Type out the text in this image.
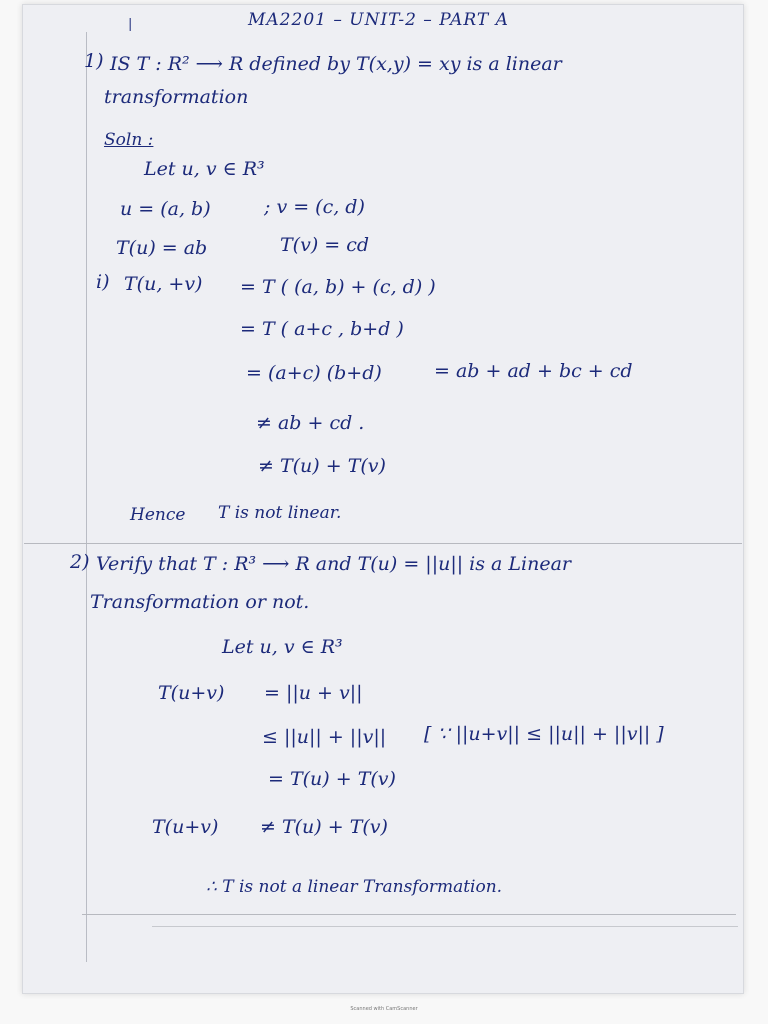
|	MA2201 – UNIT-2 – PART A
1) IS T : R² ⟶ R defined by T(x,y) = xy is a linear
transformation
Soln :
Let u, v ∈ R³
u = (a, b)	; v = (c, d)
T(u) = ab	T(v) = cd
i) T(u, +v) = T ( (a, b) + (c, d) )
= T ( a+c , b+d )
= (a+c) (b+d)	= ab + ad + bc + cd
≠ ab + cd .
≠ T(u) + T(v)
Hence T is not linear.
2) Verify that T : R³ ⟶ R and T(u) = ||u|| is a Linear
Transformation or not.
Let u, v ∈ R³
T(u+v) = ||u + v||
≤ ||u|| + ||v|| [ ∵ ||u+v|| ≤ ||u|| + ||v|| ]
= T(u) + T(v)
T(u+v) ≠ T(u) + T(v)
∴ T is not a linear Transformation.
Scanned with CamScanner
